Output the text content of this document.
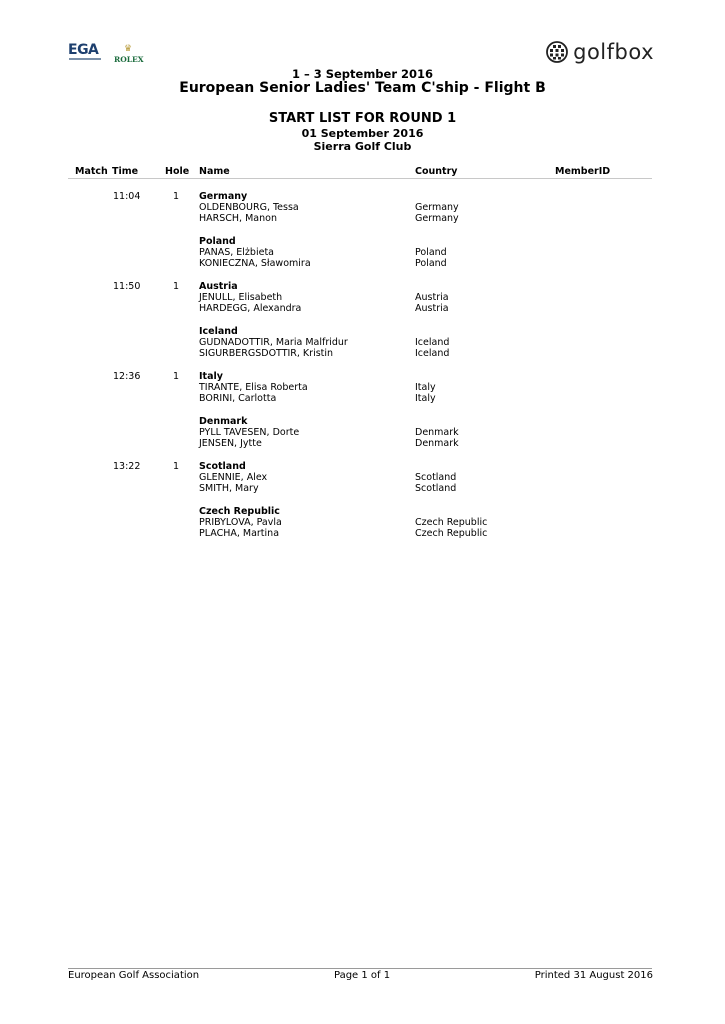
EGA	♛
ROLEX	golfbox
1 – 3 September 2016
European Senior Ladies' Team C'ship - Flight B
START LIST FOR ROUND 1
01 September 2016
Sierra Golf Club
Match Time	Hole Name	Country	MemberID
11:04	1 Germany
OLDENBOURG, Tessa	Germany
HARSCH, Manon	Germany
Poland
PANAS, Elżbieta	Poland
KONIECZNA, Sławomira	Poland
11:50	1 Austria
JENULL, Elisabeth	Austria
HARDEGG, Alexandra	Austria
Iceland
GUDNADOTTIR, Maria Malfridur	Iceland
SIGURBERGSDOTTIR, Kristin	Iceland
12:36	1 Italy
TIRANTE, Elisa Roberta	Italy
BORINI, Carlotta	Italy
Denmark
PYLL TAVESEN, Dorte	Denmark
JENSEN, Jytte	Denmark
13:22	1 Scotland
GLENNIE, Alex	Scotland
SMITH, Mary	Scotland
Czech Republic
PRIBYLOVA, Pavla	Czech Republic
PLACHA, Martina	Czech Republic
European Golf Association	Page 1 of 1	Printed 31 August 2016
